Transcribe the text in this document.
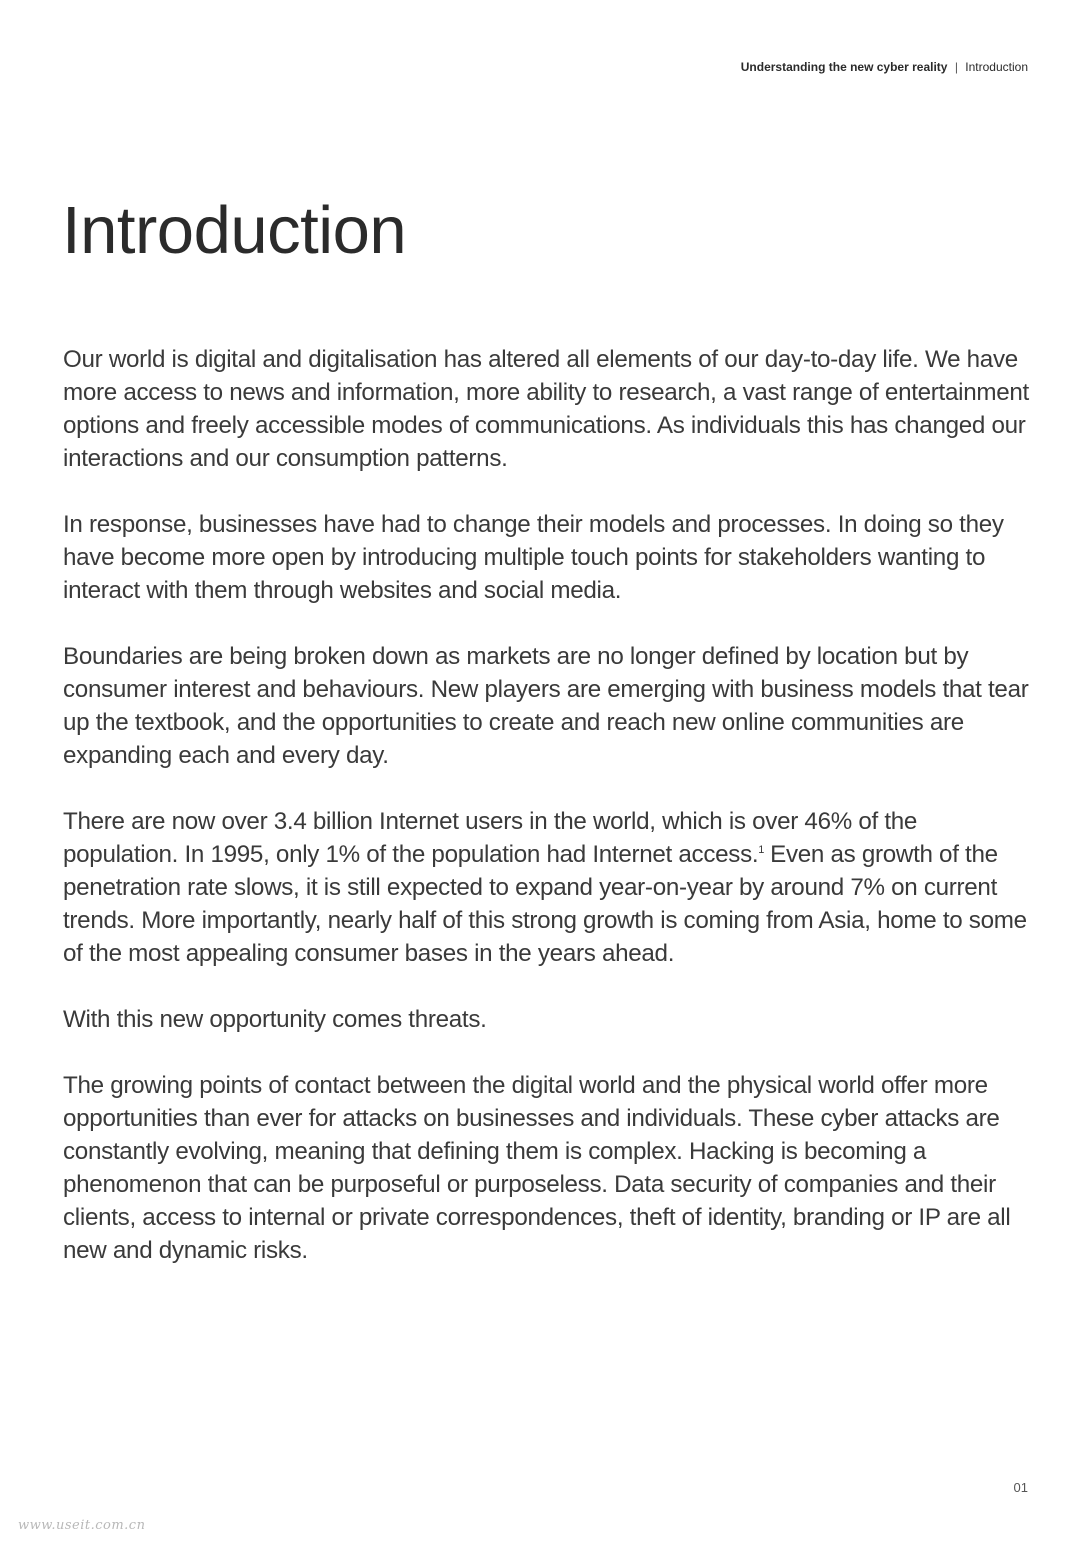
Understanding the new cyber reality | Introduction
Introduction

Our world is digital and digitalisation has altered all elements of our day-to-day life. We have more access to news and information, more ability to research, a vast range of entertainment options and freely accessible modes of communications. As individuals this has changed our interactions and our consumption patterns.

In response, businesses have had to change their models and processes. In doing so they have become more open by introducing multiple touch points for stakeholders wanting to interact with them through websites and social media.

Boundaries are being broken down as markets are no longer defined by location but by consumer interest and behaviours. New players are emerging with business models that tear up the textbook, and the opportunities to create and reach new online communities are expanding each and every day.

There are now over 3.4 billion Internet users in the world, which is over 46% of the population. In 1995, only 1% of the population had Internet access.$^1$ Even as growth of the penetration rate slows, it is still expected to expand year-on-year by around 7% on current trends. More importantly, nearly half of this strong growth is coming from Asia, home to some of the most appealing consumer bases in the years ahead.

With this new opportunity comes threats.

The growing points of contact between the digital world and the physical world offer more opportunities than ever for attacks on businesses and individuals. These cyber attacks are constantly evolving, meaning that defining them is complex. Hacking is becoming a phenomenon that can be purposeful or purposeless. Data security of companies and their clients, access to internal or private correspondences, theft of identity, branding or IP are all new and dynamic risks.

01
www.useit.com.cn
